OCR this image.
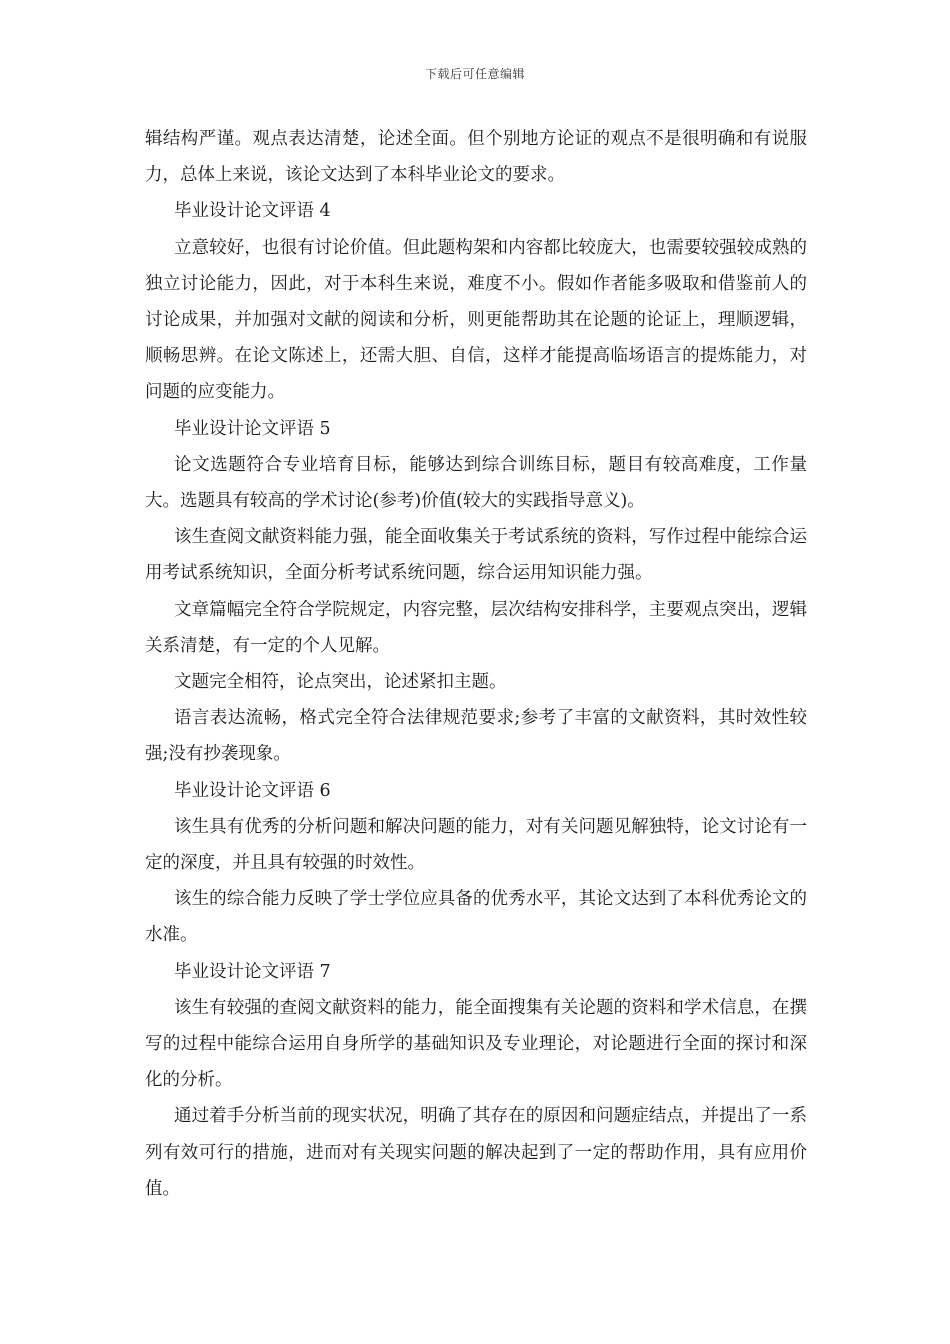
下载后可任意编辑

辑结构严谨。观点表达清楚，论述全面。但个别地方论证的观点不是很明确和有说服力，总体上来说，该论文达到了本科毕业论文的要求。

毕业设计论文评语 4

立意较好，也很有讨论价值。但此题构架和内容都比较庞大，也需要较强较成熟的独立讨论能力，因此，对于本科生来说，难度不小。假如作者能多吸取和借鉴前人的讨论成果，并加强对文献的阅读和分析，则更能帮助其在论题的论证上，理顺逻辑，顺畅思辨。在论文陈述上，还需大胆、自信，这样才能提高临场语言的提炼能力，对问题的应变能力。

毕业设计论文评语 5

论文选题符合专业培育目标，能够达到综合训练目标，题目有较高难度，工作量大。选题具有较高的学术讨论(参考)价值(较大的实践指导意义)。

该生查阅文献资料能力强，能全面收集关于考试系统的资料，写作过程中能综合运用考试系统知识，全面分析考试系统问题，综合运用知识能力强。

文章篇幅完全符合学院规定，内容完整，层次结构安排科学，主要观点突出，逻辑关系清楚，有一定的个人见解。

文题完全相符，论点突出，论述紧扣主题。

语言表达流畅，格式完全符合法律规范要求;参考了丰富的文献资料，其时效性较强;没有抄袭现象。

毕业设计论文评语 6

该生具有优秀的分析问题和解决问题的能力，对有关问题见解独特，论文讨论有一定的深度，并且具有较强的时效性。

该生的综合能力反映了学士学位应具备的优秀水平，其论文达到了本科优秀论文的水准。

毕业设计论文评语 7

该生有较强的查阅文献资料的能力，能全面搜集有关论题的资料和学术信息，在撰写的过程中能综合运用自身所学的基础知识及专业理论，对论题进行全面的探讨和深化的分析。

通过着手分析当前的现实状况，明确了其存在的原因和问题症结点，并提出了一系列有效可行的措施，进而对有关现实问题的解决起到了一定的帮助作用，具有应用价值。
